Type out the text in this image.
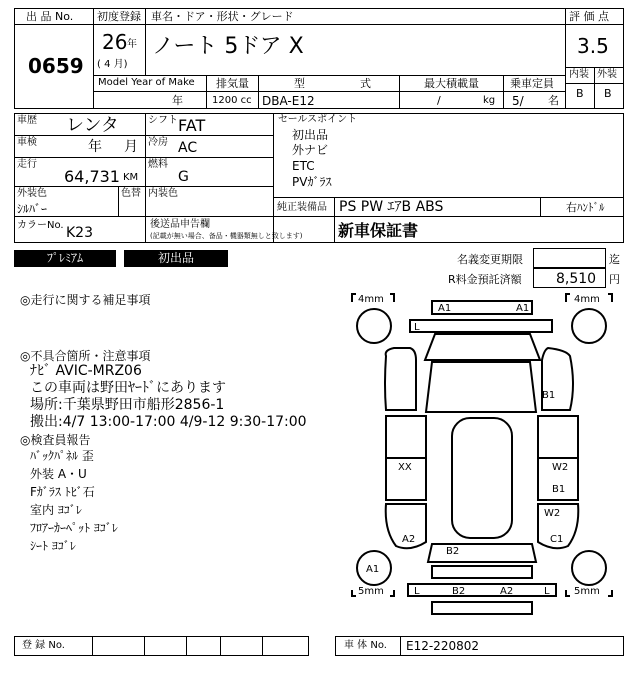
出 品 No.
0659
初度登録
26 年
( 4 月)
車名・ドア・形状・グレード
ノート 5ドア X
Model Year of Make
年
排気量
1200 cc
型	式
DBA-E12
最大積載量
/	kg
乗車定員
5/ 名
評 価 点
3.5
内装 外装
B B
車歴 レンタ	シフト FAT
車検	年 月 冷房 AC
走行
64,731 KM
燃料
G
外装色
ｼﾙﾊﾞｰ
色替 内装色
カラーNo. K23
後送品申告欄
(記載が無い場合、备品・機器類無しと致します) 新車保証書
セールスポイント
初出品
外ナビ
ETC
PVｶﾞﾗｽ
純正装備品 PS PW ｴｱB ABS	右ﾊﾝﾄﾞﾙ
ﾌﾟﾚﾐｱﾑ	初出品	名義変更期限	迄
R料金預託済額 8,510 円
◎走行に関する補足事項
◎不具合箇所・注意事項
ﾅﾋﾞ AVIC-MRZ06
この車両は野田ﾔｰﾄﾞにあります
場所:千葉県野田市船形2856-1
搬出:4/7 13:00-17:00 4/9-12 9:30-17:00
◎検査員報告
ﾊﾞｯｸﾊﾟﾈﾙ 歪
外装 A・U
Fｶﾞﾗｽ ﾄﾋﾞ石
室内 ﾖｺﾞﾚ
ﾌﾛｱｰｶｰﾍﾟｯﾄ ﾖｺﾞﾚ
ｼｰﾄ ﾖｺﾞﾚ
4mm	4mm
5mm	5mm
A1	A1
L
B1
XX	W2
B1
W2
C1
A2
B2
A1
L	B2	A2	L
登 録 No.	車 体 No. E12-220802
